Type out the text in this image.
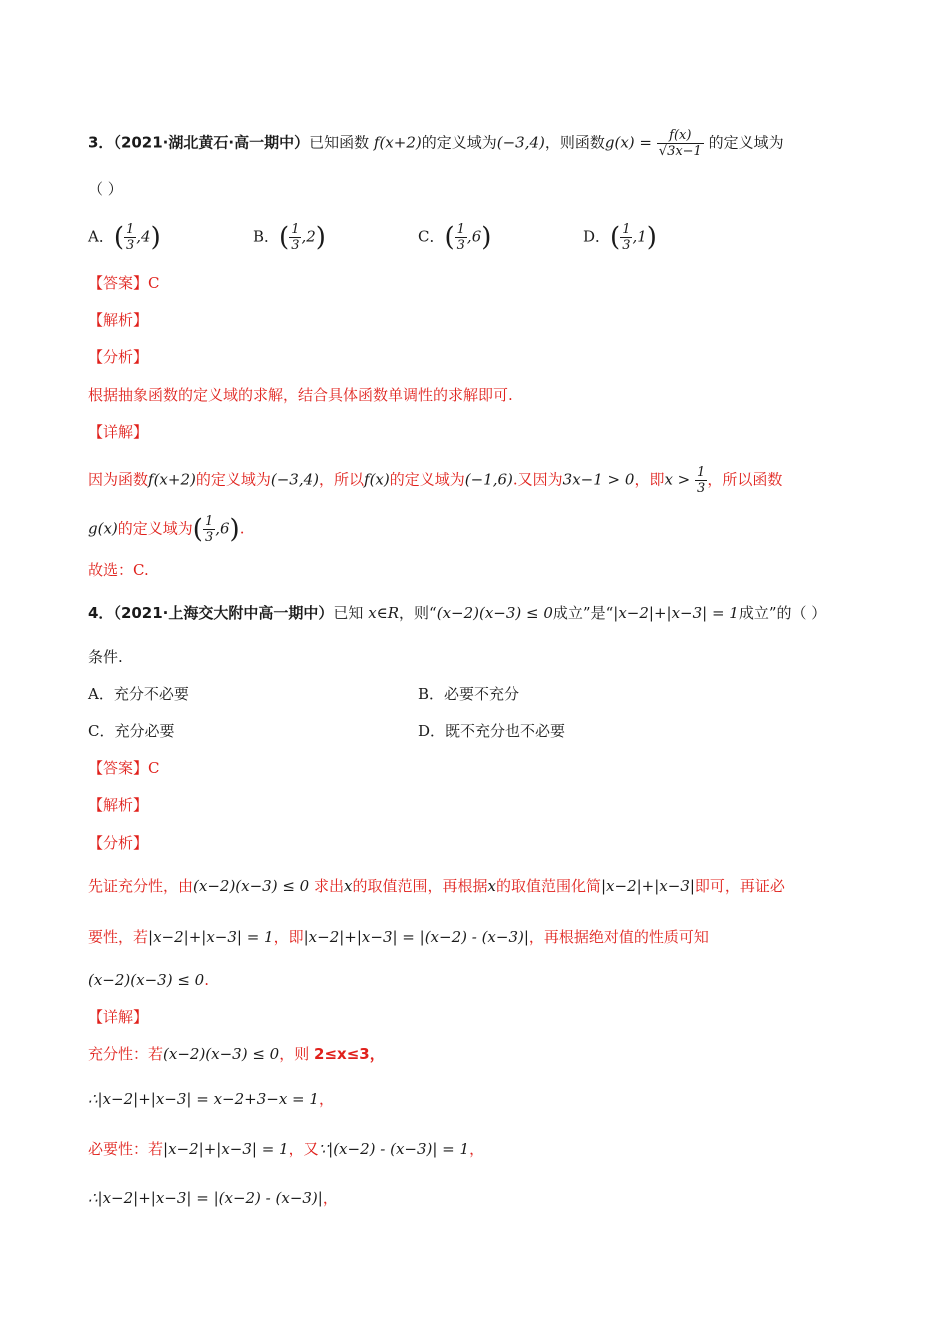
3．（2021·湖北黄石·高一期中）已知函数 f(x+2)的定义域为(−3,4)，则函数$g(x) = \frac{f(x)}{√3x-1}$ 的定义域为
（ ）
A．( $\frac{1}{3} ,4$)	B．( $\frac{1}{3} ,2$)	C．( $\frac{1}{3} ,6$)	D．( $\frac{1}{3} ,1$)
【答案】C
【解析】
【分析】
根据抽象函数的定义域的求解，结合具体函数单调性的求解即可.
【详解】
因为函数f(x+2)的定义域为(−3,4)，所以f(x)的定义域为(−1,6).又因为3x−1 > 0，即$x > \frac{1}{3}$ ，所以函数
g(x)的定义域为( $\frac{1}{3} ,6$).
故选：C.
4．（2021·上海交大附中高一期中）已知 x∈R，则“(x−2)(x−3) ≤ 0成立”是“|x−2|+|x−3| = 1成立”的（ ）
条件.
A．充分不必要	B．必要不充分
C．充分必要	D．既不充分也不必要
【答案】C
【解析】
【分析】
先证充分性，由(x−2)(x−3) ≤ 0 求出x的取值范围，再根据x的取值范围化简|x−2|+|x−3|即可，再证必
要性，若|x−2|+|x−3| = 1，即|x−2|+|x−3| = |(x−2) - (x−3)|，再根据绝对值的性质可知
(x−2)(x−3) ≤ 0.
【详解】
充分性：若(x−2)(x−3) ≤ 0，则 2≤x≤3，
∴|x−2|+|x−3| = x−2+3−x = 1，
必要性：若|x−2|+|x−3| = 1，又∵|(x−2) - (x−3)| = 1，
∴|x−2|+|x−3| = |(x−2) - (x−3)|，
